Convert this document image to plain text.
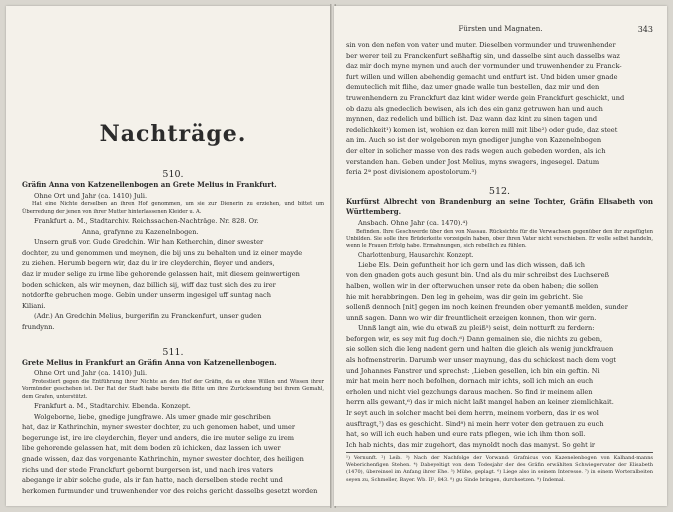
Nachträge.

510.

Gräfin Anna von Katzenellenbogen an Grete Melius in Frankfurt.

Ohne Ort und Jahr (ca. 1410) Juli.

Hat eine Nichte derselben an ihren Hof genommen, um sie zur Dienerin zu erziehen, und bittet um Überredung der jenen von ihrer Mutter hinterlassenen Kleider u. A.

Frankfurt a. M., Stadtarchiv. Reichssachen-Nachträge. Nr. 828. Or.

Anna, grafynne zu Kazenelnbogen.

Unsern gruß vor. Gude Gredchin. Wir han Ketherchin, diner swester

dochter, zu und genommen und meynen, die bij uns zu behalten und iz einer mayde

zu ziehen. Herumb begern wir, daz du ir ire cleyderchin, fleyer und anders,

daz ir muder selige zu irme libe gehorende gelassen hait, mit diesem geinwertigen

boden schicken, als wir meynen, daz billich sij, wiff daz tust sich des zu irer

notdorfte gebruchen moge. Gebin under unserm ingesigel uff suntag nach

Kiliani.

(Adr.) An Gredchin Melius, burgerifin zu Franckenfurt, unser guden

frundynn.

511.

Grete Melius in Frankfurt an Gräfin Anna von Katzenellenbogen.

Ohne Ort und Jahr (ca. 1410) Juli.

Protestiert gegen die Entführung ihrer Nichte an den Hof der Gräfin, da es ohne Willen und Wissen ihrer Vormünder geschehen ist. Der Rat der Stadt habe bereits die Bitte um ihre Zurücksendung bei ihrem Gemahl, dem Grafen, unterstützt.

Frankfurt a. M., Stadtarchiv. Ebenda. Konzept.

Wolgeborne, liebe, gnedige jungfrawe. Als umer gnade mir geschriben

hat, daz ir Kathrinchin, myner swester dochter, zu uch genomen habet, und umer

begerunge ist, ire ire cleyderchin, fleyer und anders, die ire muter selige zu irem

libe gehorende gelassen hat, mit dem boden zü ichicken, daz lassen ich uwer

gnade wissen, daz das vorgenante Kathrinchin, myner swester dochter, des heiligen

richs und der stede Franckfurt gebornt burgersen ist, und nach ires vaters

abegange ir abir solche gude, als ir fan hatte, nach derselben stede recht und

herkomen furmunder und truwenhender vor des reichs gericht dasselbs gesetzt worden

Fürsten und Magnaten.	343

sin von den nefen von vater und muter. Dieselben vormunder und truwenhender

ber werer teil zu Franckenfurt seßhaftig sin, und dasselbe sint auch dasselbs waz

daz mir doch myne mynen und auch der vormunder und truwenhender zu Franck-

furt willen und willen abehendig gemacht und entfurt ist. Und biden umer gnade

demuteclich mit flihe, daz umer gnade walle tun bestellen, daz mir und den

truwenhendern zu Franckfurt daz kint wider werde gein Franckfurt geschickt, und

ob dazu als gnedeclich bewisen, als ich des ein ganz getruwen han und auch

mynnen, daz redelich und billich ist. Daz wann daz kint zu sinen tagen und

redelichkeit¹) komen ist, wohien ez dan keren mill mit libe²) oder gude, daz steet

an im. Auch so ist der wolgeboren myn gnediger junghe von Kazenelnbogen

der elter in solicher masse von des rads wegen auch gebeden worden, als ich

verstanden han. Geben under Jost Melius, myns swagers, ingesegel. Datum

feria 2ª post divisionem apostolorum.³)

512.

Kurfürst Albrecht von Brandenburg an seine Tochter, Gräfin Elisabeth von Württemberg.

Ansbach. Ohne Jahr (ca. 1470).⁴)

Befinden. Ihre Geschwerde über den von Nassau. Rücksichte für die Verwachsen gegenüber den ihr zugefügten Unbilden. Sie solle ihre Brüderkeite vorzeigeln haben, ober ihren Vater nicht verschieben. Er wolle selbst handeln, wenn le Frauen Erfolg habe. Ermahnungen, sich rebellich zu fühlen.

Charlottenburg, Hausarchiv. Konzept.

Liebe Els. Dein gefuntheit hor ich gern und las dich wissen, daß ich

von den gnaden gots auch gesunt bin. Und als du mir schreibst des Luchsereß

halben, wollen wir in der ofterwuchen unser rete da oben haben; die sollen

hie mit herabbringen. Den leg in geheim, was dir gein im gebricht. Sie

sollenß dennoch [nit] gegen im noch keinen freunden ober yemantß melden, sunder

unnß sagen. Dann wo wir dir freuntlicheit erzeigen konnen, thon wir gern.

Unnß langt ain, wie du etwaß zu pleiß⁵) seist, dein notturft zu ferdern:

beforgen wir, es sey mit fug doch.⁶) Dann gemainen sie, die nichts zu geben,

sie sollen sich die leng nadent gern und halten die gleich als wenig junckfrauen

als hofmenstrerin. Darumb wer unser maynung, das du schickest nach dem vogt

und Johannes Fanstrer und sprechst: ,Lieben gesellen, ich bin ein geftin. Ni

mir hat mein herr noch befolhen, dornach mir ichts, soll ich mich an euch

erholen und nicht viel gezchungs daraus machen. So find ir meinem allen

herrn alls gewant,⁶) das ir mich nicht laßt mangel haben an keiner ziemlichkait.

Ir seyt auch in solcher macht bei dem herrn, meinem vorbern, das ir es wol

ausftragt,⁷) das es geschicht. Sind⁸) ni mein herr voter den getrauen zu euch

hat, so will ich euch haben und eure rats pflegen, wie ich ihm thon soll.

Ich hab nichts, das mir zugehort, das mynoldt noch das manyst. So geht ir

¹) Vernunft. ²) Leib. ³) Nach der Nachfolge der Vorwand: Grafnicus von Kazenelenbogen von Kalhand-manns Weberichenfigen Stehen. ⁴) Dabeyeltigt von dem Todesjahr der des Gräfin erwählten Schwiegervater der Elisabeth (1470), übereinsel im Anfang ihrer Ehe. ⁵) Mühe, geplagt. ⁶) Liege also in seinem Interesse. ⁷) in einem Worteralbeiten seyen zu, Schmeller, Bayer. Wb. II², 843. ⁸) gu Sinde bringen, durchsetzen. ⁹) Indemal.
